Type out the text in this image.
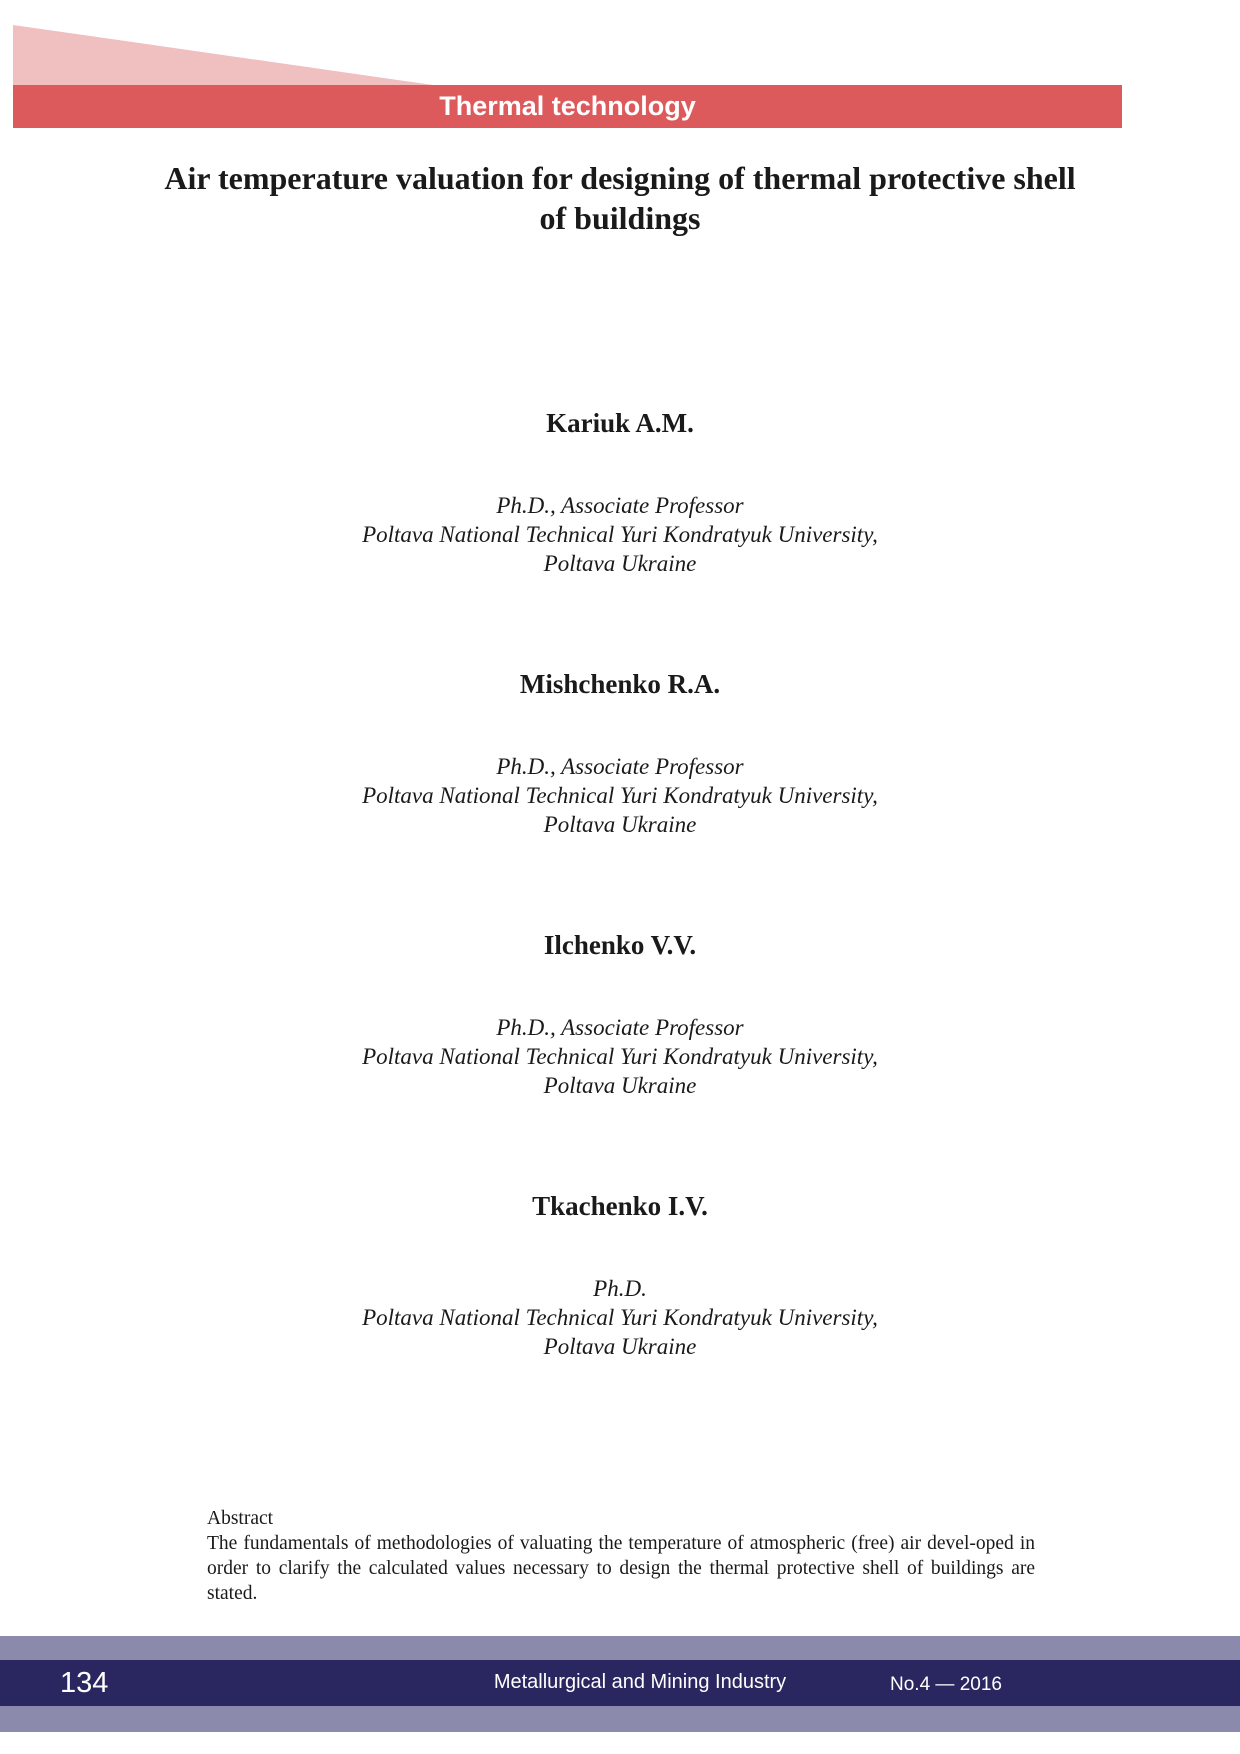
Thermal technology
Air temperature valuation for designing of thermal protective shell
of buildings

Kariuk A.M.

Ph.D., Associate Professor
Poltava National Technical Yuri Kondratyuk University,
Poltava Ukraine

Mishchenko R.A.

Ph.D., Associate Professor
Poltava National Technical Yuri Kondratyuk University,
Poltava Ukraine

Ilchenko V.V.

Ph.D., Associate Professor
Poltava National Technical Yuri Kondratyuk University,
Poltava Ukraine

Tkachenko I.V.

Ph.D.
Poltava National Technical Yuri Kondratyuk University,
Poltava Ukraine

Abstract

The fundamentals of methodologies of valuating the temperature of atmospheric (free) air devel-oped in order to clarify the calculated values necessary to design the thermal protective shell of buildings are stated.

134	Metallurgical and Mining Industry	No.4 — 2016
